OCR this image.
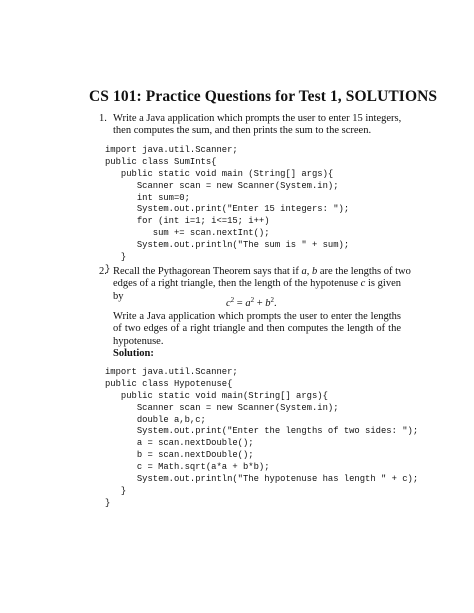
CS 101: Practice Questions for Test 1, SOLUTIONS
1. Write a Java application which prompts the user to enter 15 integers,
then computes the sum, and then prints the sum to the screen.
import java.util.Scanner;
public class SumInts{
public static void main (String[] args){
Scanner scan = new Scanner(System.in);
int sum=0;
System.out.print("Enter 15 integers: ");
for (int i=1; i<=15; i++)
sum += scan.nextInt();
System.out.println("The sum is " + sum);
}
}
2. Recall the Pythagorean Theorem says that if a, b are the lengths of two
edges of a right triangle, then the length of the hypotenuse c is given
by
$c^2 = a^2 + b^2$.
Write a Java application which prompts the user to enter the lengths
of two edges of a right triangle and then computes the length of the
hypotenuse.
Solution:
import java.util.Scanner;
public class Hypotenuse{
public static void main(String[] args){
Scanner scan = new Scanner(System.in);
double a,b,c;
System.out.print("Enter the lengths of two sides: ");
a = scan.nextDouble();
b = scan.nextDouble();
c = Math.sqrt(a*a + b*b);
System.out.println("The hypotenuse has length " + c);
}
}
